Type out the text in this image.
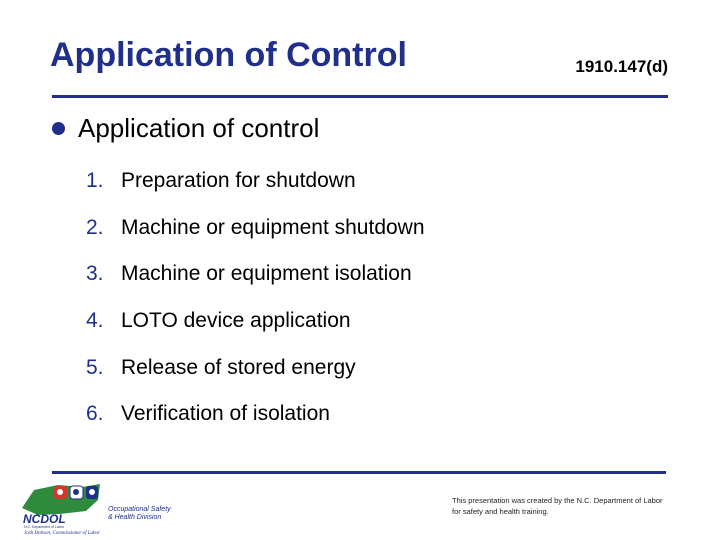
Application of Control	1910.147(d)
Application of control
1. Preparation for shutdown
2. Machine or equipment shutdown
3. Machine or equipment isolation
4. LOTO device application
5. Release of stored energy
6. Verification of isolation
NCDOL
N.C. Department of Labor
Occupational Safety
& Health Division
Josh Dobson, Commissioner of Labor
This presentation was created by the N.C. Department of Labor for safety and health training.
